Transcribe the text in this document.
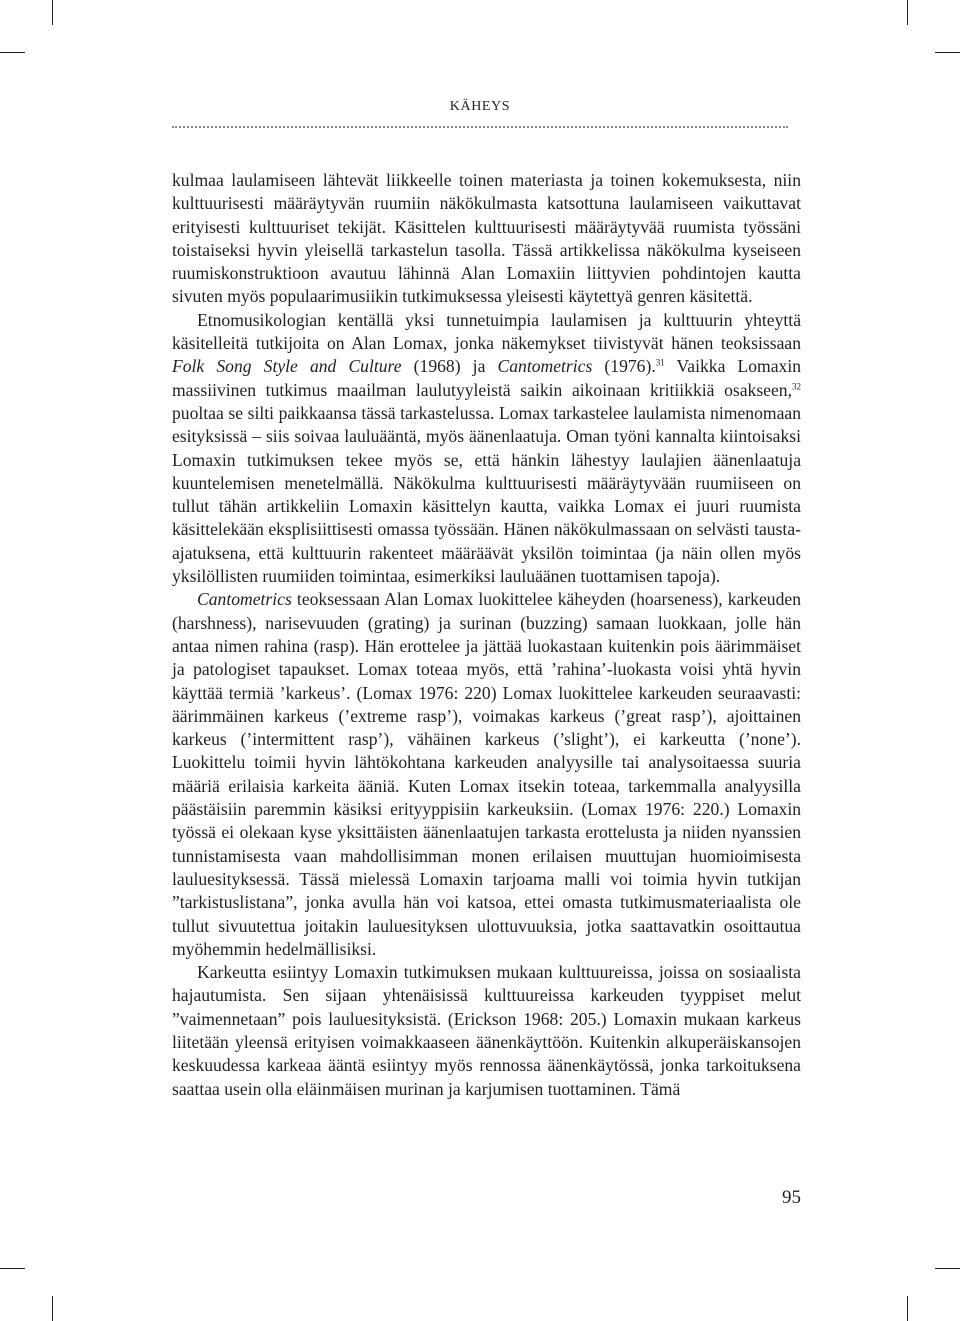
KÄHEYS

kulmaa laulamiseen lähtevät liikkeelle toinen materiasta ja toinen kokemuksesta, niin kulttuurisesti määräytyvän ruumiin näkökulmasta katsottuna laulamiseen vaikuttavat erityisesti kulttuuriset tekijät. Käsittelen kulttuurisesti määräytyvää ruumista työssäni toistaiseksi hyvin yleisellä tarkastelun tasolla. Tässä artikkelissa näkökulma kyseiseen ruumiskonstruktioon avautuu lähinnä Alan Lomaxiin liittyvien pohdintojen kautta sivuten myös populaarimusiikin tutkimuksessa yleisesti käytettyä genren käsitettä.

Etnomusikologian kentällä yksi tunnetuimpia laulamisen ja kulttuurin yhteyttä käsitelleitä tutkijoita on Alan Lomax, jonka näkemykset tiivistyvät hänen teoksissaan Folk Song Style and Culture (1968) ja Cantometrics (1976).$^{31}$ Vaikka Lomaxin massiivinen tutkimus maailman laulutyyleistä saikin aikoinaan kritiikkiä osakseen,$^{32}$ puoltaa se silti paikkaansa tässä tarkastelussa. Lomax tarkastelee laulamista nimenomaan esityksissä – siis soivaa lauluääntä, myös äänenlaatuja. Oman työni kannalta kiintoisaksi Lomaxin tutkimuksen tekee myös se, että hänkin lähestyy laulajien äänenlaatuja kuuntelemisen menetelmällä. Näkökulma kulttuurisesti määräytyvään ruumiiseen on tullut tähän artikkeliin Lomaxin käsittelyn kautta, vaikka Lomax ei juuri ruumista käsittelekään eksplisiittisesti omassa työssään. Hänen näkökulmassaan on selvästi tausta-ajatuksena, että kulttuurin rakenteet määräävät yksilön toimintaa (ja näin ollen myös yksilöllisten ruumiiden toimintaa, esimerkiksi lauluäänen tuottamisen tapoja).

Cantometrics teoksessaan Alan Lomax luokittelee käheyden (hoarseness), karkeuden (harshness), narisevuuden (grating) ja surinan (buzzing) samaan luokkaan, jolle hän antaa nimen rahina (rasp). Hän erottelee ja jättää luokastaan kuitenkin pois äärimmäiset ja patologiset tapaukset. Lomax toteaa myös, että ’rahina’-luokasta voisi yhtä hyvin käyttää termiä ’karkeus’. (Lomax 1976: 220) Lomax luokittelee karkeuden seuraavasti: äärimmäinen karkeus (’extreme rasp’), voimakas karkeus (’great rasp’), ajoittainen karkeus (’intermittent rasp’), vähäinen karkeus (’slight’), ei karkeutta (’none’). Luokittelu toimii hyvin lähtökohtana karkeuden analyysille tai analysoitaessa suuria määriä erilaisia karkeita ääniä. Kuten Lomax itsekin toteaa, tarkemmalla analyysilla päästäisiin paremmin käsiksi erityyppisiin karkeuksiin. (Lomax 1976: 220.) Lomaxin työssä ei olekaan kyse yksittäisten äänenlaatujen tarkasta erottelusta ja niiden nyanssien tunnistamisesta vaan mahdollisimman monen erilaisen muuttujan huomioimisesta lauluesityksessä. Tässä mielessä Lomaxin tarjoama malli voi toimia hyvin tutkijan ”tarkistuslistana”, jonka avulla hän voi katsoa, ettei omasta tutkimusmateriaalista ole tullut sivuutettua joitakin lauluesityksen ulottuvuuksia, jotka saattavatkin osoittautua myöhemmin hedelmällisiksi.

Karkeutta esiintyy Lomaxin tutkimuksen mukaan kulttuureissa, joissa on sosiaalista hajautumista. Sen sijaan yhtenäisissä kulttuureissa karkeuden tyyppiset melut ”vaimennetaan” pois lauluesityksistä. (Erickson 1968: 205.) Lomaxin mukaan karkeus liitetään yleensä erityisen voimakkaaseen äänenkäyttöön. Kuitenkin alkuperäiskansojen keskuudessa karkeaa ääntä esiintyy myös rennossa äänenkäytössä, jonka tarkoituksena saattaa usein olla eläinmäisen murinan ja karjumisen tuottaminen. Tämä

95
